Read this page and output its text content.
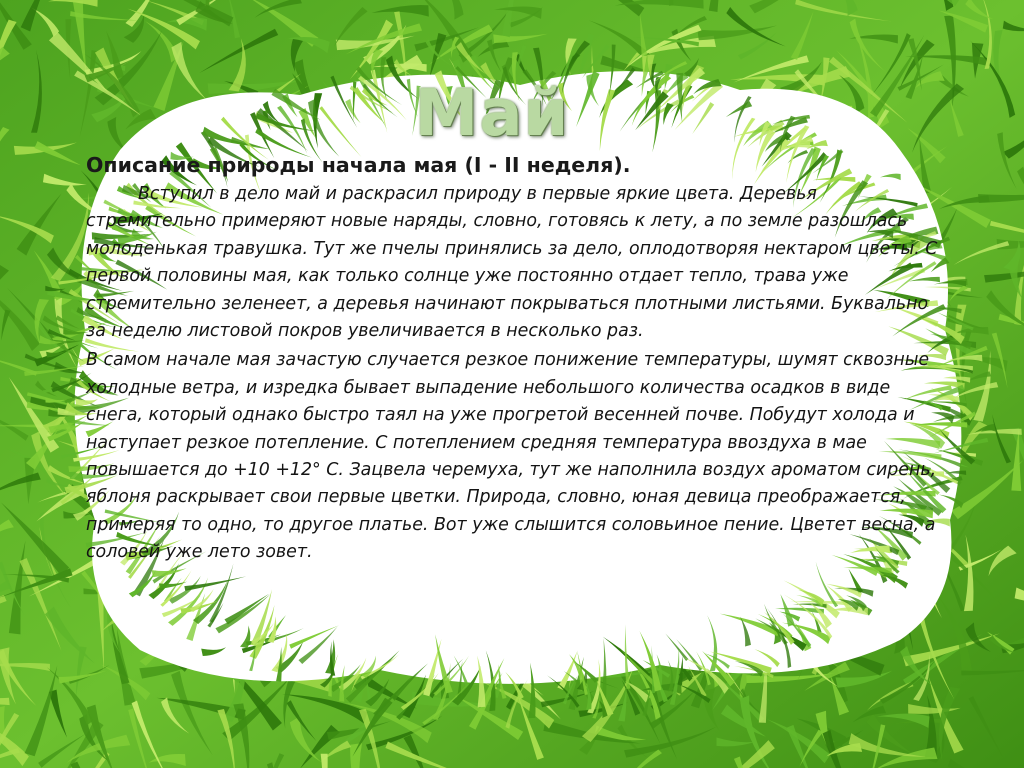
Май
Описание природы начала мая (I - II неделя).

Вступил в дело май и раскрасил природу в первые яркие цвета. Деревья стремительно примеряют новые наряды, словно, готовясь к лету, а по земле разошлась молоденькая травушка. Тут же пчелы принялись за дело, оплодотворяя нектаром цветы. С первой половины мая, как только солнце уже постоянно отдает тепло, трава уже стремительно зеленеет, а деревья начинают покрываться плотными листьями. Буквально за неделю листовой покров увеличивается в несколько раз.

В самом начале мая зачастую случается резкое понижение температуры, шумят сквозные холодные ветра, и изредка бывает выпадение небольшого количества осадков в виде снега, который однако быстро таял на уже прогретой весенней почве. Побудут холода и наступает резкое потепление. С потеплением средняя температура ввоздуха в мае повышается до +10 +12° С. Зацвела черемуха, тут же наполнила воздух ароматом сирень, яблоня раскрывает свои первые цветки. Природа, словно, юная девица преображается, примеряя то одно, то другое платье. Вот уже слышится соловьиное пение. Цветет весна, а соловей уже лето зовет.
